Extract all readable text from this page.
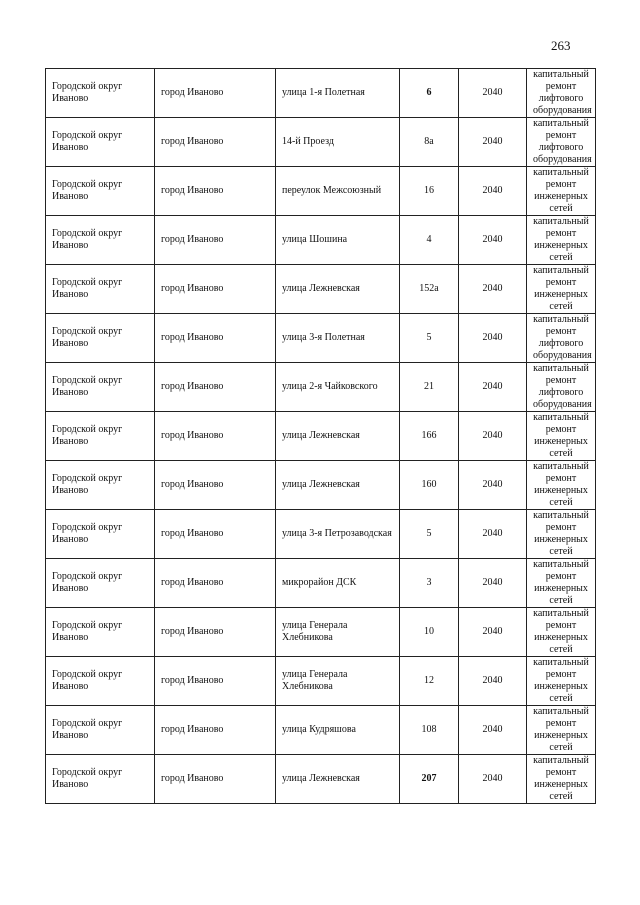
263
Городской округ Иваново	город Иваново	улица 1-я Полетная	6	2040	капитальный ремонт лифтового оборудования
Городской округ Иваново	город Иваново	14-й Проезд	8а	2040	капитальный ремонт лифтового оборудования
Городской округ Иваново	город Иваново	переулок Межсоюзный	16	2040	капитальный ремонт инженерных сетей
Городской округ Иваново	город Иваново	улица Шошина	4	2040	капитальный ремонт инженерных сетей
Городской округ Иваново	город Иваново	улица Лежневская	152а	2040	капитальный ремонт инженерных сетей
Городской округ Иваново	город Иваново	улица 3-я Полетная	5	2040	капитальный ремонт лифтового оборудования
Городской округ Иваново	город Иваново	улица 2-я Чайковского	21	2040	капитальный ремонт лифтового оборудования
Городской округ Иваново	город Иваново	улица Лежневская	166	2040	капитальный ремонт инженерных сетей
Городской округ Иваново	город Иваново	улица Лежневская	160	2040	капитальный ремонт инженерных сетей
Городской округ Иваново	город Иваново	улица 3-я Петрозаводская	5	2040	капитальный ремонт инженерных сетей
Городской округ Иваново	город Иваново	микрорайон ДСК	3	2040	капитальный ремонт инженерных сетей
Городской округ Иваново	город Иваново	улица Генерала Хлебникова	10	2040	капитальный ремонт инженерных сетей
Городской округ Иваново	город Иваново	улица Генерала Хлебникова	12	2040	капитальный ремонт инженерных сетей
Городской округ Иваново	город Иваново	улица Кудряшова	108	2040	капитальный ремонт инженерных сетей
Городской округ Иваново	город Иваново	улица Лежневская	207	2040	капитальный ремонт инженерных сетей
